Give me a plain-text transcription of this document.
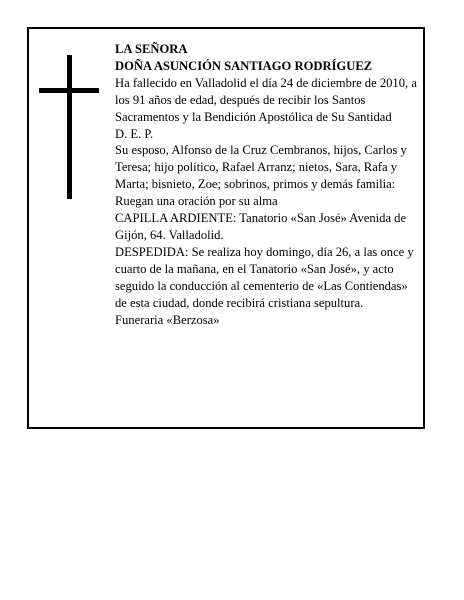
LA SEÑORA

DOÑA ASUNCIÓN SANTIAGO RODRÍGUEZ

Ha fallecido en Valladolid el día 24 de diciembre de 2010, a los 91 años de edad, después de recibir los Santos Sacramentos y la Bendición Apostólica de Su Santidad

D. E. P.

Su esposo, Alfonso de la Cruz Cembranos, hijos, Carlos y Teresa; hijo político, Rafael Arranz; nietos, Sara, Rafa y Marta; bisnieto, Zoe; sobrinos, primos y demás familia:

Ruegan una oración por su alma

CAPILLA ARDIENTE: Tanatorio «San José» Avenida de Gijón, 64. Valladolid.

DESPEDIDA: Se realiza hoy domingo, día 26, a las once y cuarto de la mañana, en el Tanatorio «San José», y acto seguido la conducción al cementerio de «Las Contiendas» de esta ciudad, donde recibirá cristiana sepultura.

Funeraria «Berzosa»
